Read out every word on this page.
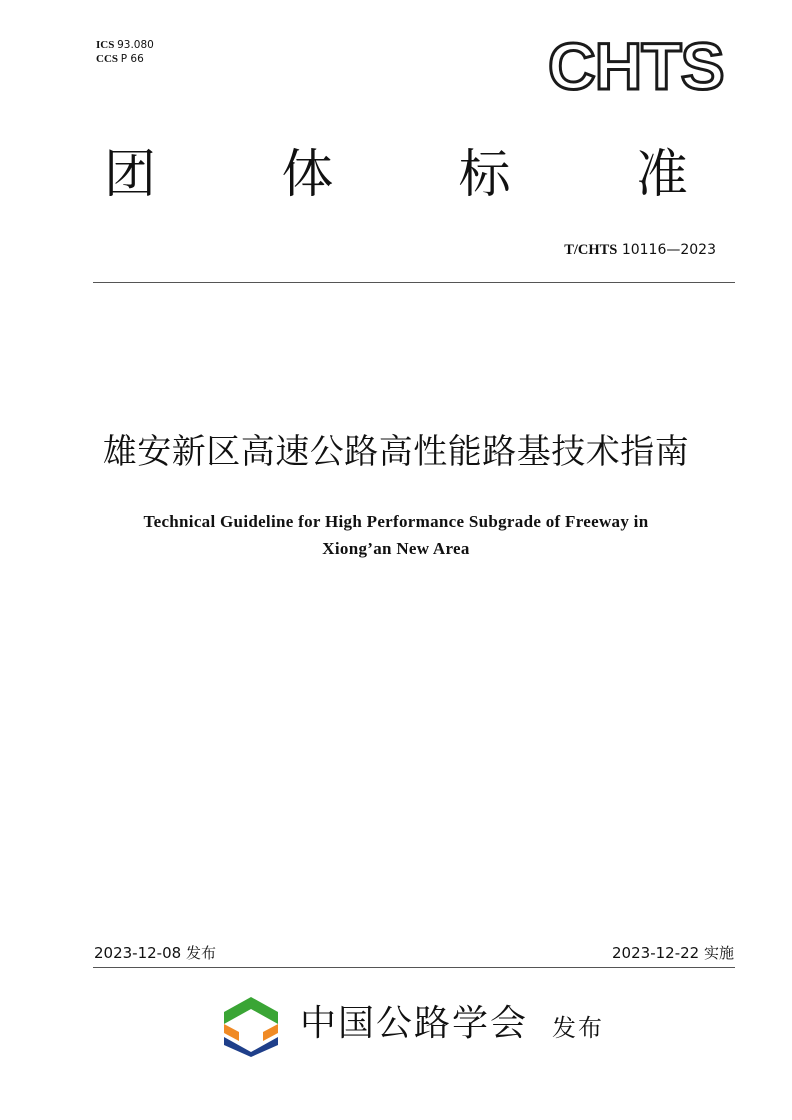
ICS 93.080
CCS P 66	CHTS
团 体 标 准
T/CHTS 10116—2023
雄安新区高速公路高性能路基技术指南
Technical Guideline for High Performance Subgrade of Freeway in
Xiong’an New Area
2023-12-08 发布	2023-12-22 实施
中国公路学会 发布
